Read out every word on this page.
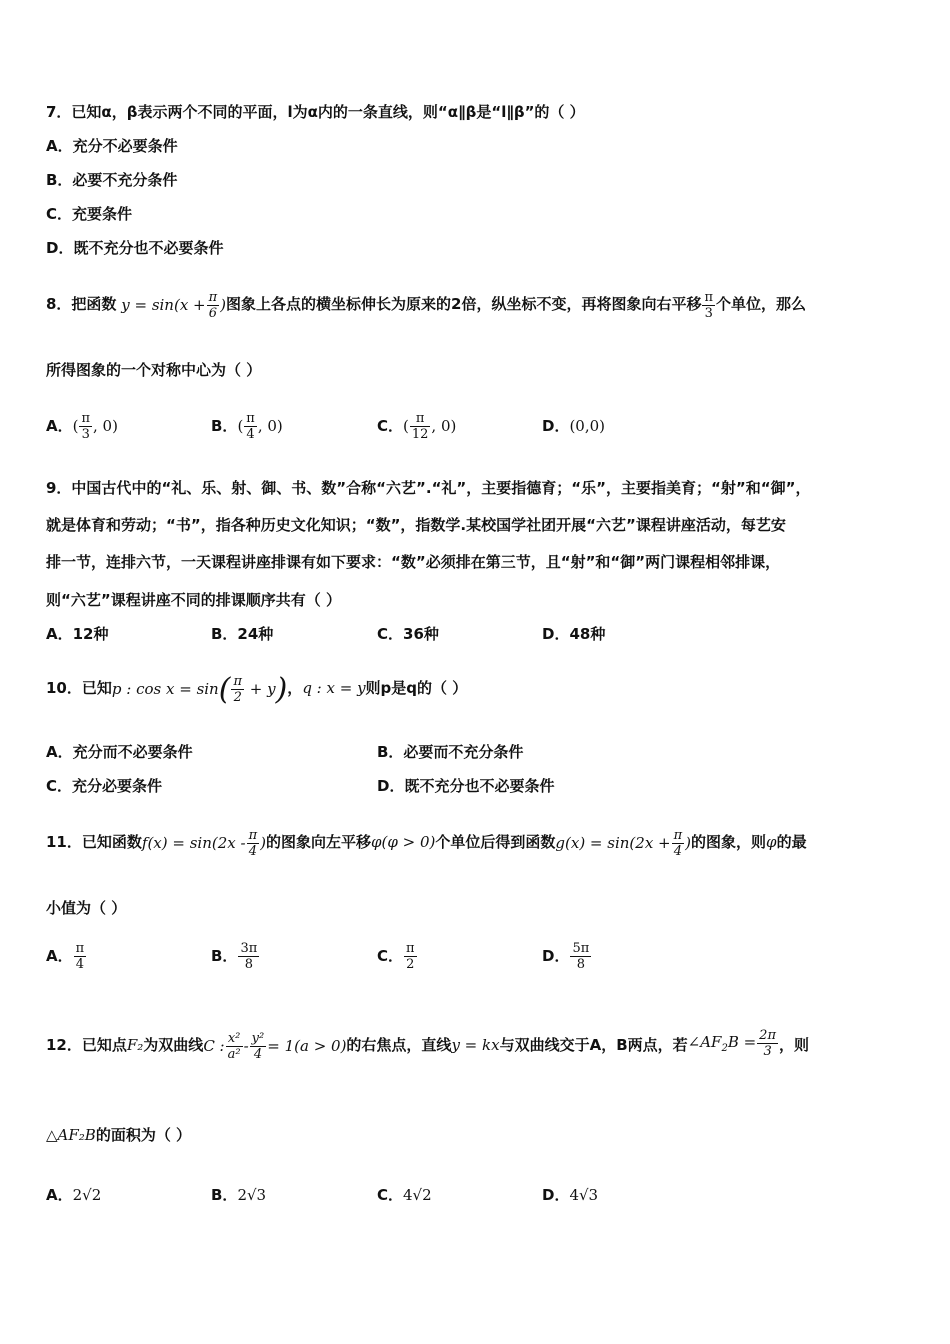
7．已知α，β表示两个不同的平面，l为α内的一条直线，则“α∥β是“l∥β”的（ ）
A．充分不必要条件
B．必要不充分条件
C．充要条件
D．既不充分也不必要条件
8．把函数 $y = \sin(x + \frac{\pi}{6}$ )图象上各点的横坐标伸长为原来的2倍，纵坐标不变，再将图象向右平移 $\frac{\pi}{3}$ 个单位，那么
所得图象的一个对称中心为（ ）
A．( $\frac{\pi}{3}$ , 0)	B．( $\frac{\pi}{4}$ , 0)	C．( $\frac{\pi}{12}$ , 0)	D．(0,0)
9．中国古代中的“礼、乐、射、御、书、数”合称“六艺”.“礼”，主要指德育；“乐”，主要指美育；“射”和“御”，
就是体育和劳动；“书”，指各种历史文化知识；“数”，指数学.某校国学社团开展“六艺”课程讲座活动，每艺安
排一节，连排六节，一天课程讲座排课有如下要求：“数”必须排在第三节，且“射”和“御”两门课程相邻排课，
则“六艺”课程讲座不同的排课顺序共有（ ）
A．12种	B．24种	C．36种	D．48种
10．已知p : $\cos x = \sin( \frac{\pi}{2} + y)$，q : x = y则p是q的（ ）
A．充分而不必要条件	B．必要而不充分条件
C．充分必要条件	D．既不充分也不必要条件
11．已知函数$f(x) = \sin(2x - \frac{\pi}{4}$ )的图象向左平移φ(φ > 0)个单位后得到函数$g(x) = \sin(2x + \frac{\pi}{4}$ )的图象，则φ的最
小值为（ ）
A． $\frac{\pi}{4}$	B． $\frac{3\pi}{8}$	C． $\frac{\pi}{2}$	D． $\frac{5\pi}{8}$
12．已知点F₂为双曲线C : $\frac{\text{x²}}{\text{a²}} - \frac{\text{y²}}{4} = 1(a > 0)$的右焦点，直线y = kx与双曲线交于A，B两点，若$\angle AF_2B = \frac{2\pi}{3}$ ，则
△AF₂B的面积为（ ）
A．2√2	B．2√3	C．4√2	D．4√3
